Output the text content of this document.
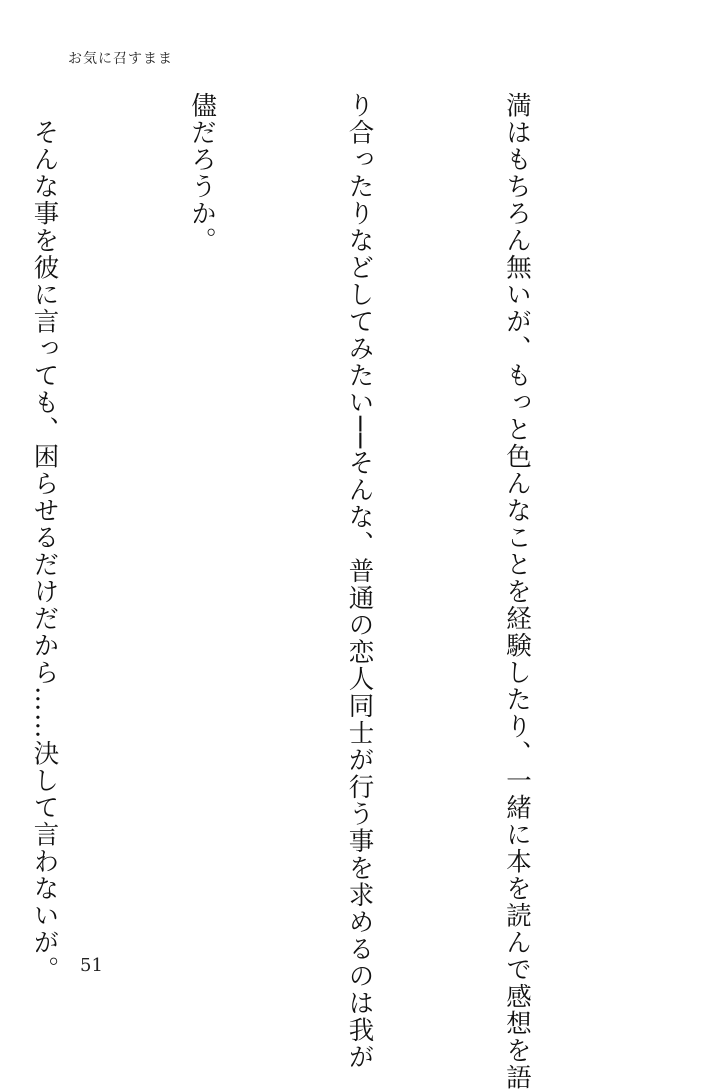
お気に召すまま

満はもちろん無いが、もっと色んなことを経験したり、一緒に本を読んで感想を語

り合ったりなどしてみたい──そんな、普通の恋人同士が行う事を求めるのは我が

儘だろうか。

　そんな事を彼に言っても、困らせるだけだから……決して言わないが。

	51
